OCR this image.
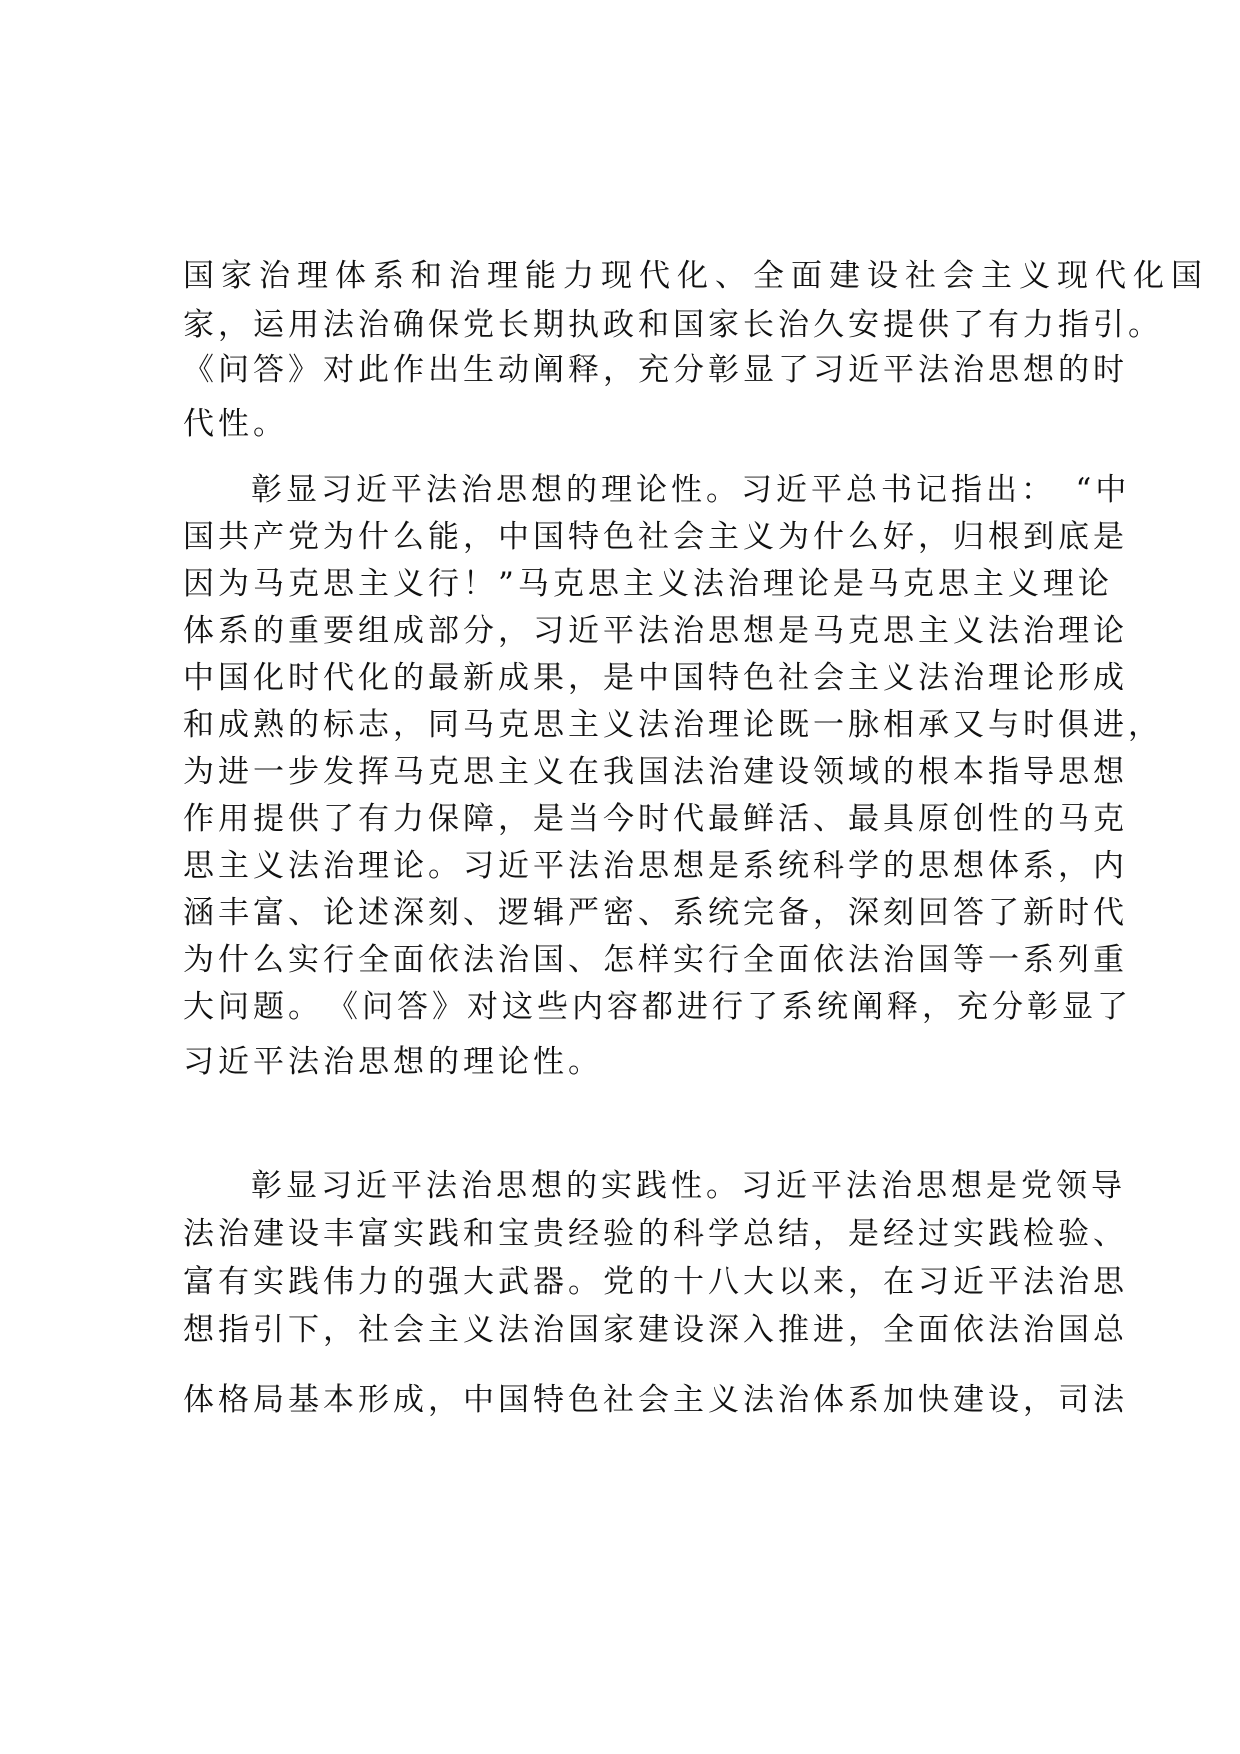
国家治理体系和治理能力现代化、全面建设社会主义现代化国
家，运用法治确保党长期执政和国家长治久安提供了有力指引。
《问答》对此作出生动阐释，充分彰显了习近平法治思想的时
代性。
彰显习近平法治思想的理论性。习近平总书记指出：　“中
国共产党为什么能，中国特色社会主义为什么好，归根到底是
因为马克思主义行！”马克思主义法治理论是马克思主义理论
体系的重要组成部分，习近平法治思想是马克思主义法治理论
中国化时代化的最新成果，是中国特色社会主义法治理论形成
和成熟的标志，同马克思主义法治理论既一脉相承又与时俱进，
为进一步发挥马克思主义在我国法治建设领域的根本指导思想
作用提供了有力保障，是当今时代最鲜活、最具原创性的马克
思主义法治理论。习近平法治思想是系统科学的思想体系，内
涵丰富、论述深刻、逻辑严密、系统完备，深刻回答了新时代
为什么实行全面依法治国、怎样实行全面依法治国等一系列重
大问题。　《问答》对这些内容都进行了系统阐释，充分彰显了
习近平法治思想的理论性。
彰显习近平法治思想的实践性。习近平法治思想是党领导
法治建设丰富实践和宝贵经验的科学总结，是经过实践检验、
富有实践伟力的强大武器。党的十八大以来，在习近平法治思
想指引下，社会主义法治国家建设深入推进，全面依法治国总
体格局基本形成，中国特色社会主义法治体系加快建设，司法
